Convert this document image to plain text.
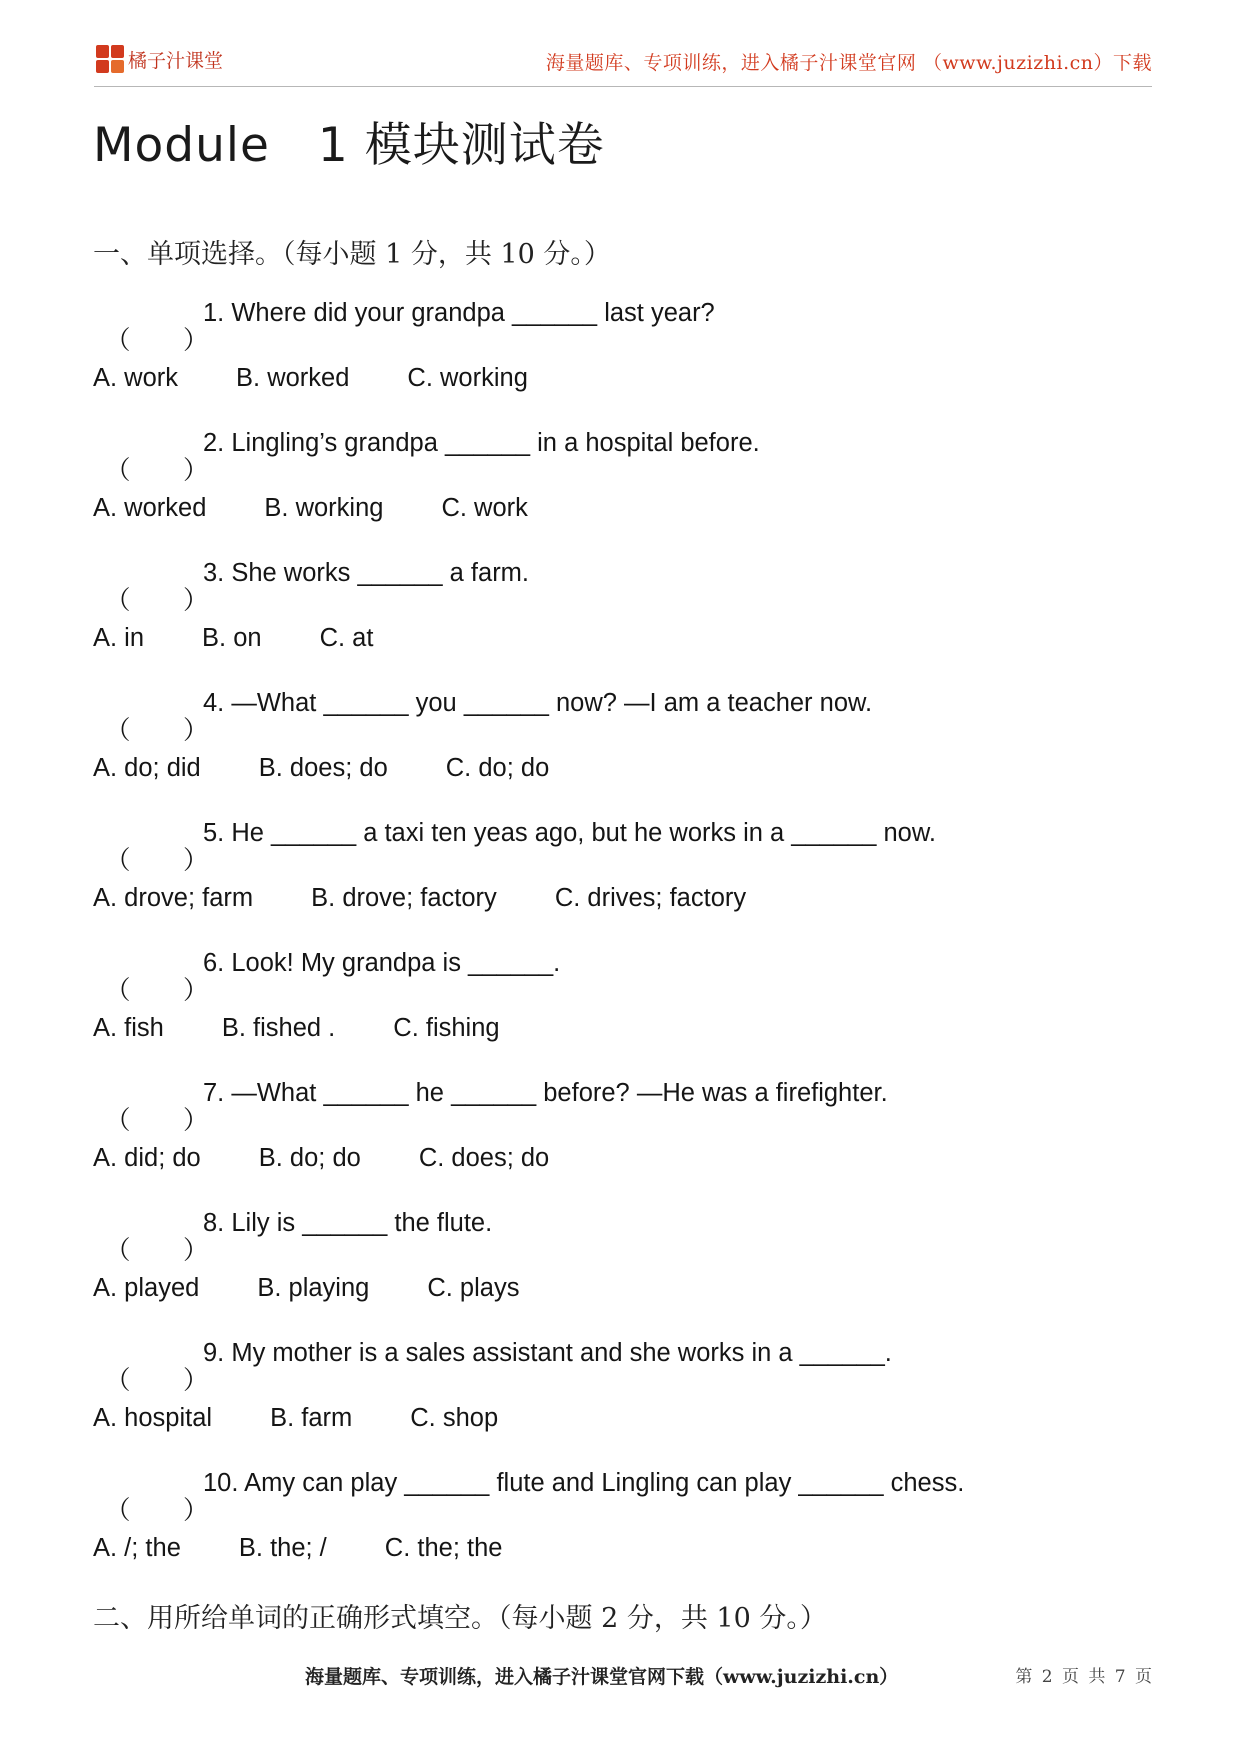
橘子汁课堂	海量题库、专项训练，进入橘子汁课堂官网 （www.juzizhi.cn）下载
Module　1 模块测试卷
一、单项选择。（每小题 1 分，共 10 分。）
（ ）
1. Where did your grandpa ______ last year?
A. work B. worked C. working
（ ）
2. Lingling’s grandpa ______ in a hospital before.
A. worked B. working C. work
（ ）
3. She works ______ a farm.
A. in B. on C. at
（ ）
4. —What ______ you ______ now? —I am a teacher now.
A. do; did B. does; do C. do; do
（ ）
5. He ______ a taxi ten yeas ago, but he works in a ______ now.
A. drove; farm B. drove; factory C. drives; factory
（ ）
6. Look! My grandpa is ______.
A. fish B. fished . C. fishing
（ ）
7. —What ______ he ______ before? —He was a firefighter.
A. did; do B. do; do C. does; do
（ ）
8. Lily is ______ the flute.
A. played B. playing C. plays
（ ）
9. My mother is a sales assistant and she works in a ______.
A. hospital B. farm C. shop
（ ）
10. Amy can play ______ flute and Lingling can play ______ chess.
A. /; the B. the; / C. the; the
二、用所给单词的正确形式填空。（每小题 2 分，共 10 分。）
海量题库、专项训练，进入橘子汁课堂官网下载（www.juzizhi.cn）	第 2 页 共 7 页
